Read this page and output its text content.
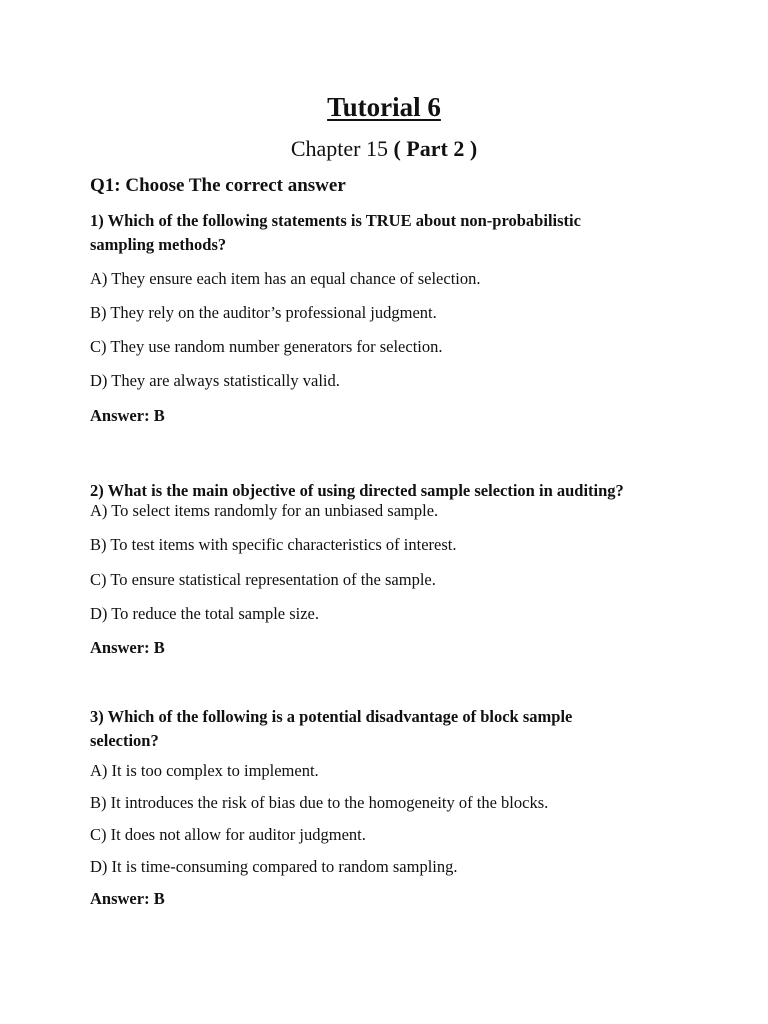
Tutorial 6
Chapter 15 ( Part 2 )
Q1: Choose The correct answer
1) Which of the following statements is TRUE about non-probabilistic
sampling methods?
A) They ensure each item has an equal chance of selection.
B) They rely on the auditor’s professional judgment.
C) They use random number generators for selection.
D) They are always statistically valid.
Answer: B
2) What is the main objective of using directed sample selection in auditing?
A) To select items randomly for an unbiased sample.
B) To test items with specific characteristics of interest.
C) To ensure statistical representation of the sample.
D) To reduce the total sample size.
Answer: B
3) Which of the following is a potential disadvantage of block sample
selection?
A) It is too complex to implement.
B) It introduces the risk of bias due to the homogeneity of the blocks.
C) It does not allow for auditor judgment.
D) It is time-consuming compared to random sampling.
Answer: B
